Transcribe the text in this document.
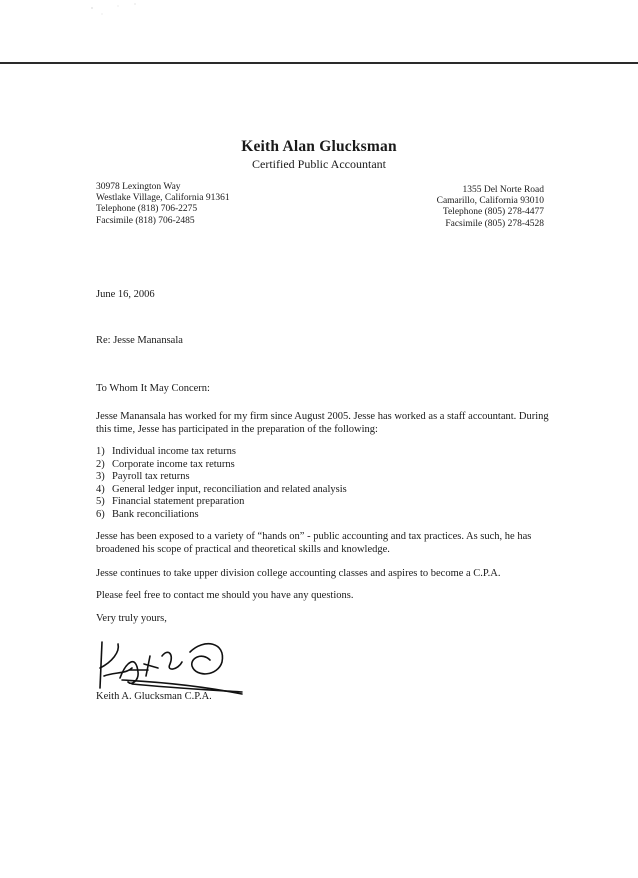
Keith Alan Glucksman
Certified Public Accountant
30978 Lexington Way
Westlake Village, California 91361
Telephone (818) 706-2275
Facsimile (818) 706-2485
1355 Del Norte Road
Camarillo, California 93010
Telephone (805) 278-4477
Facsimile (805) 278-4528
June 16, 2006
Re: Jesse Manansala
To Whom It May Concern:
Jesse Manansala has worked for my firm since August 2005. Jesse has worked as a staff accountant. During this time, Jesse has participated in the preparation of the following:
1) Individual income tax returns
2) Corporate income tax returns
3) Payroll tax returns
4) General ledger input, reconciliation and related analysis
5) Financial statement preparation
6) Bank reconciliations
Jesse has been exposed to a variety of “hands on” - public accounting and tax practices. As such, he has broadened his scope of practical and theoretical skills and knowledge.
Jesse continues to take upper division college accounting classes and aspires to become a C.P.A.
Please feel free to contact me should you have any questions.
Very truly yours,
Keith A. Glucksman C.P.A.
